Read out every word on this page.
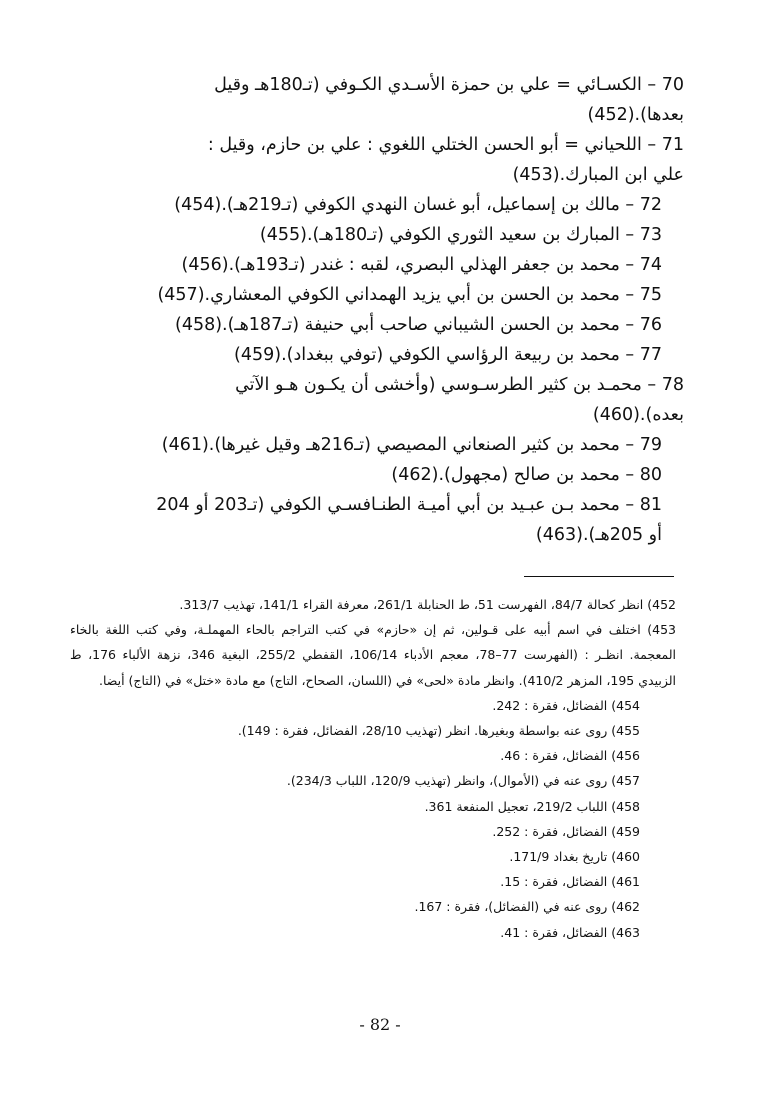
70 – الكسـائي = علي بن حمزة الأسـدي الكـوفي (تـ180هـ وقيل
بعدها).(452)

71 – اللحياني = أبو الحسن الختلي اللغوي : علي بن حازم، وقيل :
علي ابن المبارك.(453)

72 – مالك بن إسماعيل، أبو غسان النهدي الكوفي (تـ219هـ).(454)

73 – المبارك بن سعيد الثوري الكوفي (تـ180هـ).(455)

74 – محمد بن جعفر الهذلي البصري، لقبه : غندر (تـ193هـ).(456)

75 – محمد بن الحسن بن أبي يزيد الهمداني الكوفي المعشاري.(457)

76 – محمد بن الحسن الشيباني صاحب أبي حنيفة (تـ187هـ).(458)

77 – محمد بن ربيعة الرؤاسي الكوفي (توفي ببغداد).(459)

78 – محمـد بن كثير الطرسـوسي (وأخشى أن يكـون هـو الآتي
بعده).(460)

79 – محمد بن كثير الصنعاني المصيصي (تـ216هـ وقيل غيرها).(461)

80 – محمد بن صالح (مجهول).(462)

81 – محمد بـن عبـيد بن أبي أميـة الطنـافسـي الكوفي (تـ203 أو 204
أو 205هـ).(463)

452) انظر كحالة 84/7، الفهرست 51، ط الحنابلة 261/1، معرفة القراء 141/1، تهذيب 313/7.

453) اختلف في اسم أبيه على قـولين، ثم إن «حازم» في كتب التراجم بالحاء المهملـة، وفي كتب اللغة بالخاء المعجمة. انظـر : (الفهرست 77–78، معجم الأدباء 106/14، القفطي 255/2، البغية 346، نزهة الألباء 176، ط الزبيدي 195، المزهر 410/2). وانظر مادة «لحى» في (اللسان، الصحاح، التاج) مع مادة «ختل» في (التاج) أيضا.

454) الفضائل، فقرة : 242.

455) روى عنه بواسطة وبغيرها. انظر (تهذيب 28/10، الفضائل، فقرة : 149).

456) الفضائل، فقرة : 46.

457) روى عنه في (الأموال)، وانظر (تهذيب 120/9، اللباب 234/3).

458) اللباب 219/2، تعجيل المنفعة 361.

459) الفضائل، فقرة : 252.

460) تاريخ بغداد 171/9.

461) الفضائل، فقرة : 15.

462) روى عنه في (الفضائل)، فقرة : 167.

463) الفضائل، فقرة : 41.

- 82 -
